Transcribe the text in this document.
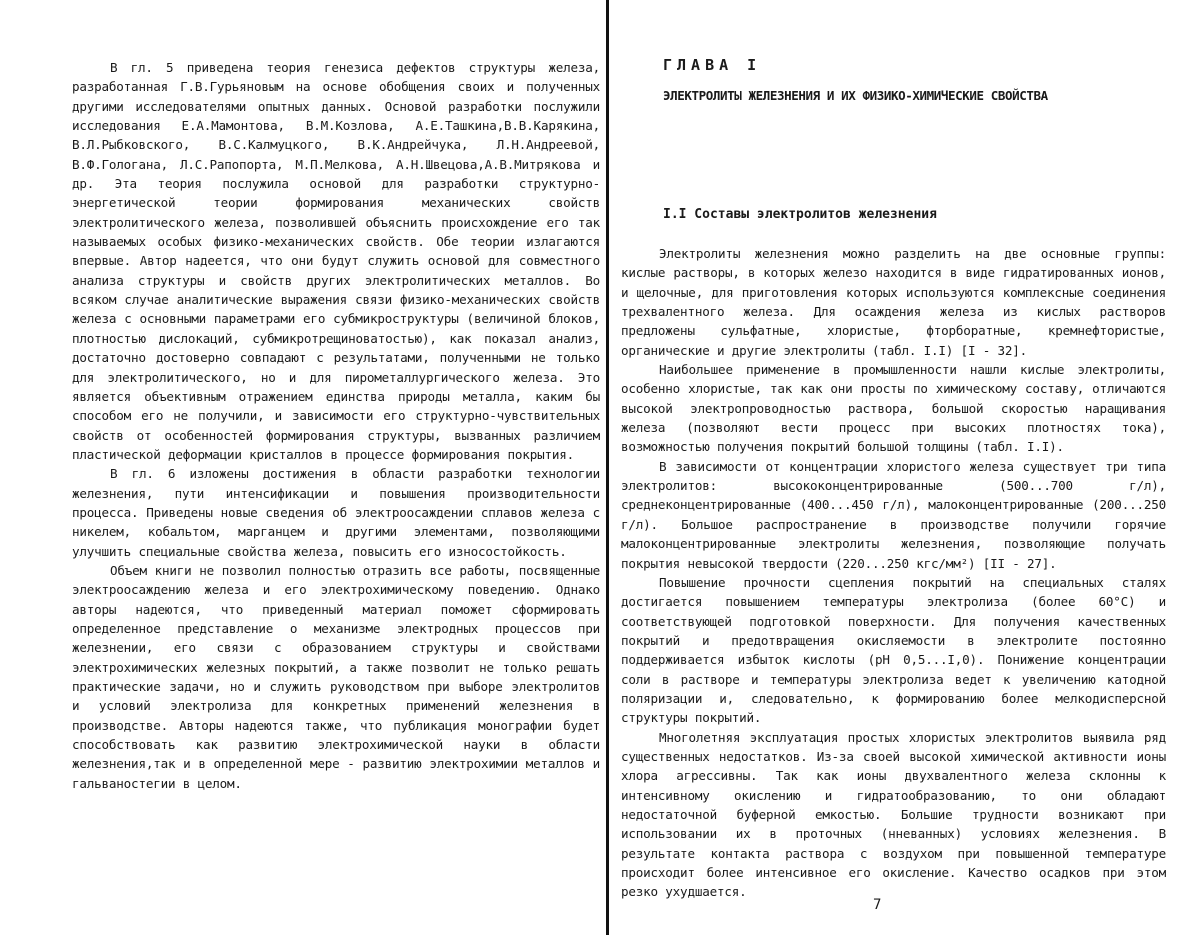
В гл. 5 приведена теория генезиса дефектов структуры железа, разработанная Г.В.Гурьяновым на основе обобщения своих и полученных другими исследователями опытных данных. Основой разработки послужили исследования Е.А.Мамонтова, В.М.Козлова, А.Е.Ташкина,В.В.Карякина, В.Л.Рыбковского, В.С.Калмуцкого, В.К.Андрейчука, Л.Н.Андреевой, В.Ф.Гологана, Л.С.Рапопорта, М.П.Мелкова, А.Н.Швецова,А.В.Митрякова и др. Эта теория послужила основой для разработки структурно-энергетической теории формирования механических свойств электролитического железа, позволившей объяснить происхождение его так называемых особых физико-механических свойств. Обе теории излагаются впервые. Автор надеется, что они будут служить основой для совместного анализа структуры и свойств других электролитических металлов. Во всяком случае аналитические выражения связи физико-механических свойств железа с основными параметрами его субмикроструктуры (величиной блоков, плотностью дислокаций, субмикротрещиноватостью), как показал анализ, достаточно достоверно совпадают с результатами, полученными не только для электролитического, но и для пирометаллургического железа. Это является объективным отражением единства природы металла, каким бы способом его не получили, и зависимости его структурно-чувствительных свойств от особенностей формирования структуры, вызванных различием пластической деформации кристаллов в процессе формирования покрытия.

В гл. 6 изложены достижения в области разработки технологии железнения, пути интенсификации и повышения производительности процесса. Приведены новые сведения об электроосаждении сплавов железа с никелем, кобальтом, марганцем и другими элементами, позволяющими улучшить специальные свойства железа, повысить его износостойкость.

Объем книги не позволил полностью отразить все работы, посвященные электроосаждению железа и его электрохимическому поведению. Однако авторы надеются, что приведенный материал поможет сформировать определенное представление о механизме электродных процессов при железнении, его связи с образованием структуры и свойствами электрохимических железных покрытий, а также позволит не только решать практические задачи, но и служить руководством при выборе электролитов и условий электролиза для конкретных применений железнения в производстве. Авторы надеются также, что публикация монографии будет способствовать как развитию электрохимической науки в области железнения,так и в определенной мере - развитию электрохимии металлов и гальваностегии в целом.

ГЛАВА I
ЭЛЕКТРОЛИТЫ ЖЕЛЕЗНЕНИЯ И ИХ ФИЗИКО-ХИМИЧЕСКИЕ СВОЙСТВА
I.I Составы электролитов железнения

Электролиты железнения можно разделить на две основные группы: кислые растворы, в которых железо находится в виде гидратированных ионов, и щелочные, для приготовления которых используются комплексные соединения трехвалентного железа. Для осаждения железа из кислых растворов предложены сульфатные, хлористые, фторборатные, кремнефтористые, органические и другие электролиты (табл. I.I) [I - 32].

Наибольшее применение в промышленности нашли кислые электролиты, особенно хлористые, так как они просты по химическому составу, отличаются высокой электропроводностью раствора, большой скоростью наращивания железа (позволяют вести процесс при высоких плотностях тока), возможностью получения покрытий большой толщины (табл. I.I).

В зависимости от концентрации хлористого железа существует три типа электролитов: высококонцентрированные (500...700 г/л), среднеконцентрированные (400...450 г/л), малоконцентрированные (200...250 г/л). Большое распространение в производстве получили горячие малоконцентрированные электролиты железнения, позволяющие получать покрытия невысокой твердости (220...250 кгс/мм²) [II - 27].

Повышение прочности сцепления покрытий на специальных сталях достигается повышением температуры электролиза (более 60°С) и соответствующей подготовкой поверхности. Для получения качественных покрытий и предотвращения окисляемости в электролите постоянно поддерживается избыток кислоты (pH 0,5...I,0). Понижение концентрации соли в растворе и температуры электролиза ведет к увеличению катодной поляризации и, следовательно, к формированию более мелкодисперсной структуры покрытий.

Многолетняя эксплуатация простых хлористых электролитов выявила ряд существенных недостатков. Из-за своей высокой химической активности ионы хлора агрессивны. Так как ионы двухвалентного железа склонны к интенсивному окислению и гидратообразованию, то они обладают недостаточной буферной емкостью. Большие трудности возникают при использовании их в проточных (нневанных) условиях железнения. В результате контакта раствора с воздухом при повышенной температуре происходит более интенсивное его окисление. Качество осадков при этом резко ухудшается.

7
